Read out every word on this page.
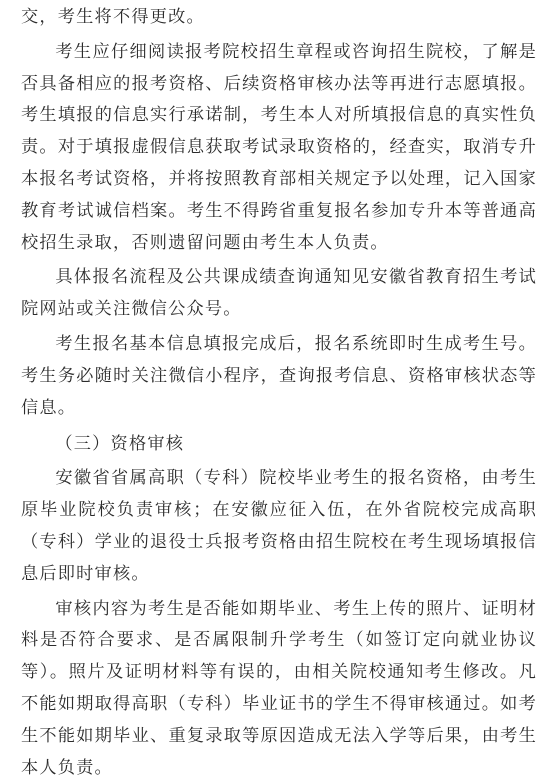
交，考生将不得更改。

考生应仔细阅读报考院校招生章程或咨询招生院校，了解是否具备相应的报考资格、后续资格审核办法等再进行志愿填报。考生填报的信息实行承诺制，考生本人对所填报信息的真实性负责。对于填报虚假信息获取考试录取资格的，经查实，取消专升本报名考试资格，并将按照教育部相关规定予以处理，记入国家教育考试诚信档案。考生不得跨省重复报名参加专升本等普通高校招生录取，否则遗留问题由考生本人负责。

具体报名流程及公共课成绩查询通知见安徽省教育招生考试院网站或关注微信公众号。

考生报名基本信息填报完成后，报名系统即时生成考生号。考生务必随时关注微信小程序，查询报考信息、资格审核状态等信息。

（三）资格审核

安徽省省属高职（专科）院校毕业考生的报名资格，由考生原毕业院校负责审核；在安徽应征入伍，在外省院校完成高职（专科）学业的退役士兵报考资格由招生院校在考生现场填报信息后即时审核。

审核内容为考生是否能如期毕业、考生上传的照片、证明材料是否符合要求、是否属限制升学考生（如签订定向就业协议等）。照片及证明材料等有误的，由相关院校通知考生修改。凡不能如期取得高职（专科）毕业证书的学生不得审核通过。如考生不能如期毕业、重复录取等原因造成无法入学等后果，由考生本人负责。
